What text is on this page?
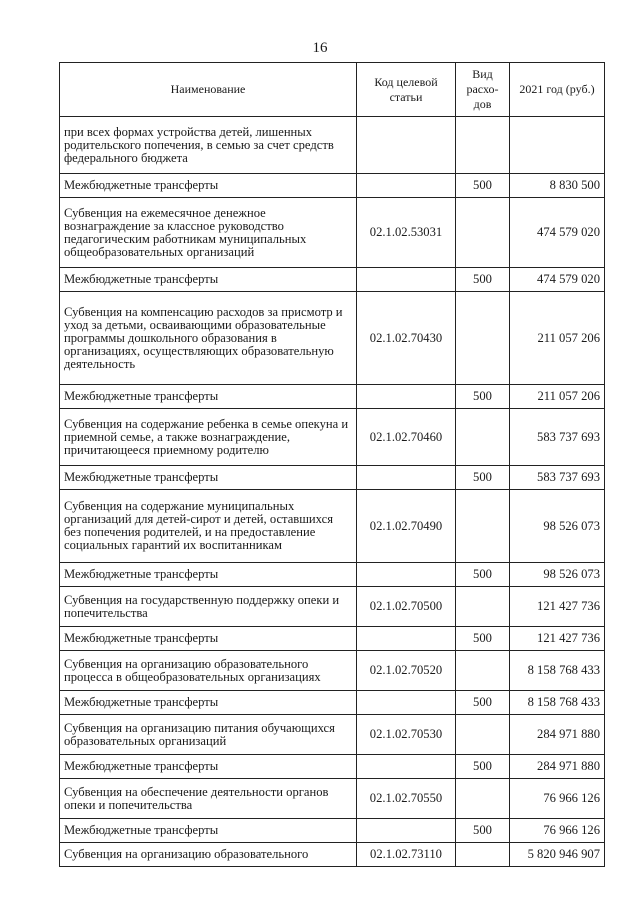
16
Наименование	Код целевой статьи	Вид расхо-дов	2021 год (руб.)
при всех формах устройства детей, лишенных родительского попечения, в семью за счет средств федерального бюджета			
Межбюджетные трансферты		500	8 830 500
Субвенция на ежемесячное денежное вознаграждение за классное руководство педагогическим работникам муниципальных общеобразовательных организаций	02.1.02.53031		474 579 020
Межбюджетные трансферты		500	474 579 020
Субвенция на компенсацию расходов за присмотр и уход за детьми, осваивающими образовательные программы дошкольного образования в организациях, осуществляющих образовательную деятельность	02.1.02.70430		211 057 206
Межбюджетные трансферты		500	211 057 206
Субвенция на содержание ребенка в семье опекуна и приемной семье, а также вознаграждение, причитающееся приемному родителю	02.1.02.70460		583 737 693
Межбюджетные трансферты		500	583 737 693
Субвенция на содержание муниципальных организаций для детей-сирот и детей, оставшихся без попечения родителей, и на предоставление социальных гарантий их воспитанникам	02.1.02.70490		98 526 073
Межбюджетные трансферты		500	98 526 073
Субвенция на государственную поддержку опеки и попечительства	02.1.02.70500		121 427 736
Межбюджетные трансферты		500	121 427 736
Субвенция на организацию образовательного процесса в общеобразовательных организациях	02.1.02.70520		8 158 768 433
Межбюджетные трансферты		500	8 158 768 433
Субвенция на организацию питания обучающихся образовательных организаций	02.1.02.70530		284 971 880
Межбюджетные трансферты		500	284 971 880
Субвенция на обеспечение деятельности органов опеки и попечительства	02.1.02.70550		76 966 126
Межбюджетные трансферты		500	76 966 126
Субвенция на организацию образовательного	02.1.02.73110		5 820 946 907
